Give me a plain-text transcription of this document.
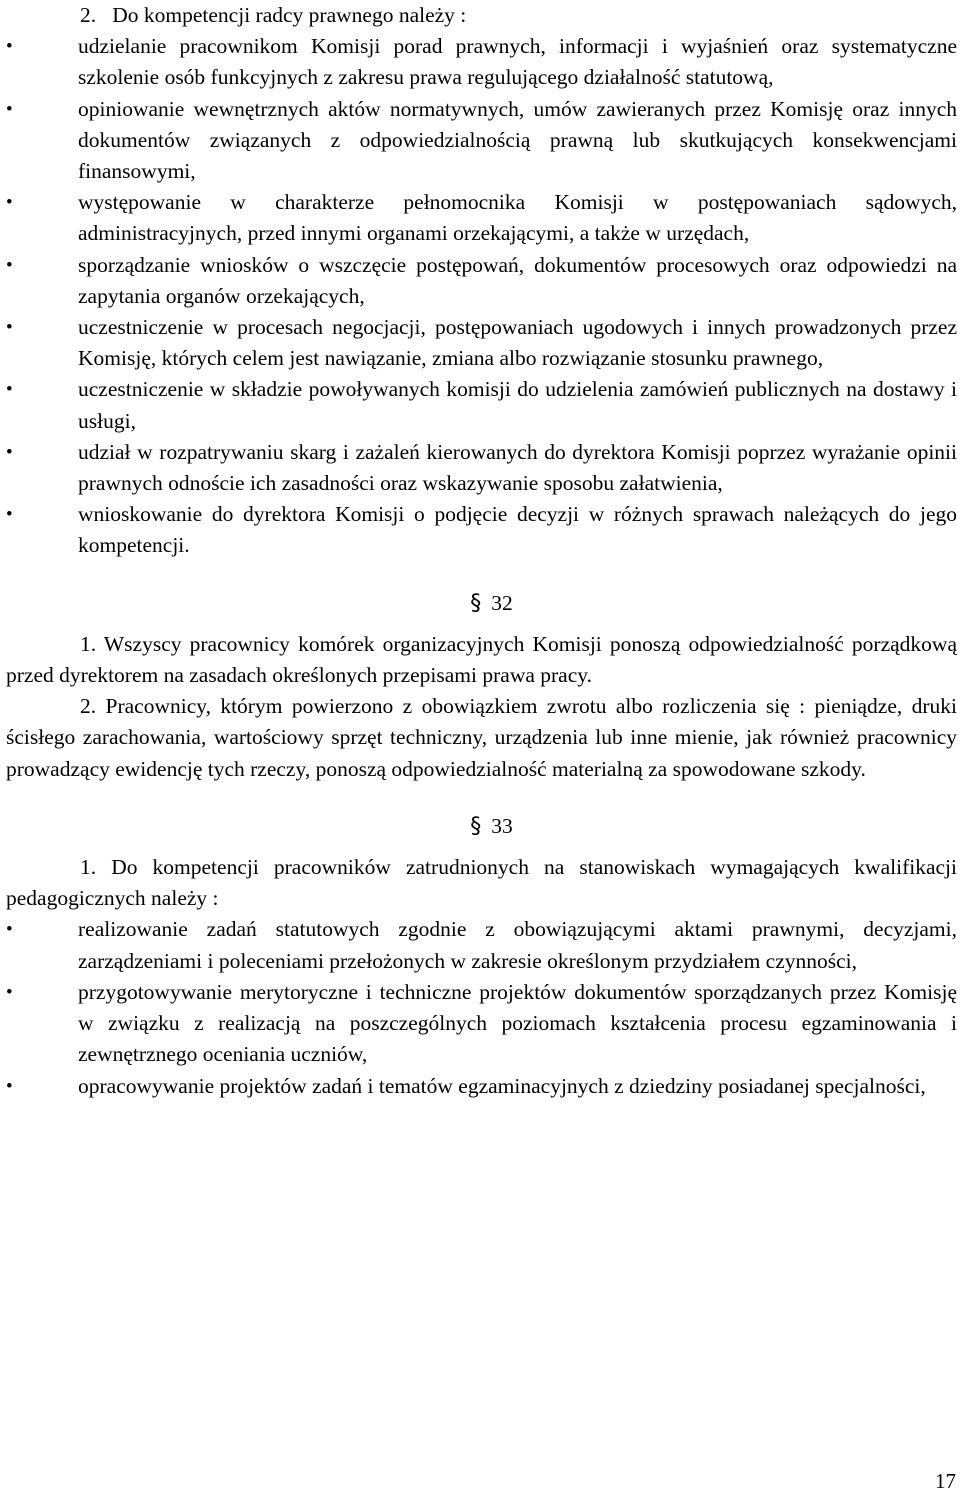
2.   Do kompetencji radcy prawnego należy :

•	udzielanie pracownikom Komisji porad prawnych, informacji i wyjaśnień oraz systematyczne szkolenie osób funkcyjnych z zakresu prawa regulującego działalność statutową,
•	opiniowanie wewnętrznych aktów normatywnych, umów zawieranych przez Komisję oraz innych dokumentów związanych z odpowiedzialnością prawną lub skutkujących konsekwencjami finansowymi,
•	występowanie w charakterze pełnomocnika Komisji w postępowaniach sądowych, administracyjnych, przed innymi organami orzekającymi, a także w urzędach,
•	sporządzanie wniosków o wszczęcie postępowań, dokumentów procesowych oraz odpowiedzi na zapytania organów orzekających,
•	uczestniczenie w procesach negocjacji, postępowaniach ugodowych i innych prowadzonych przez Komisję, których celem jest nawiązanie, zmiana albo rozwiązanie stosunku prawnego,
•	uczestniczenie w składzie powoływanych komisji do udzielenia zamówień publicznych na dostawy i usługi,
•	udział w rozpatrywaniu skarg i zażaleń kierowanych do dyrektora Komisji poprzez wyrażanie opinii prawnych odnoście ich zasadności oraz wskazywanie sposobu załatwienia,
•	wnioskowanie do dyrektora Komisji o podjęcie decyzji w różnych sprawach należących do jego kompetencji.

§ 32

1. Wszyscy pracownicy komórek organizacyjnych Komisji ponoszą odpowiedzialność porządkową przed dyrektorem na zasadach określonych przepisami prawa pracy.

2. Pracownicy, którym powierzono z obowiązkiem zwrotu albo rozliczenia się : pieniądze, druki ścisłego zarachowania, wartościowy sprzęt techniczny, urządzenia lub inne mienie, jak również pracownicy prowadzący ewidencję tych rzeczy, ponoszą odpowiedzialność materialną za spowodowane szkody.

§ 33

1. Do kompetencji pracowników zatrudnionych na stanowiskach wymagających kwalifikacji pedagogicznych należy :

•	realizowanie zadań statutowych zgodnie z obowiązującymi aktami prawnymi, decyzjami, zarządzeniami i poleceniami przełożonych w zakresie określonym przydziałem czynności,
•	przygotowywanie merytoryczne i techniczne projektów dokumentów sporządzanych przez Komisję w związku z realizacją na poszczególnych poziomach kształcenia procesu egzaminowania i zewnętrznego oceniania uczniów,
•	opracowywanie projektów zadań i tematów egzaminacyjnych z dziedziny posiadanej specjalności,
17
